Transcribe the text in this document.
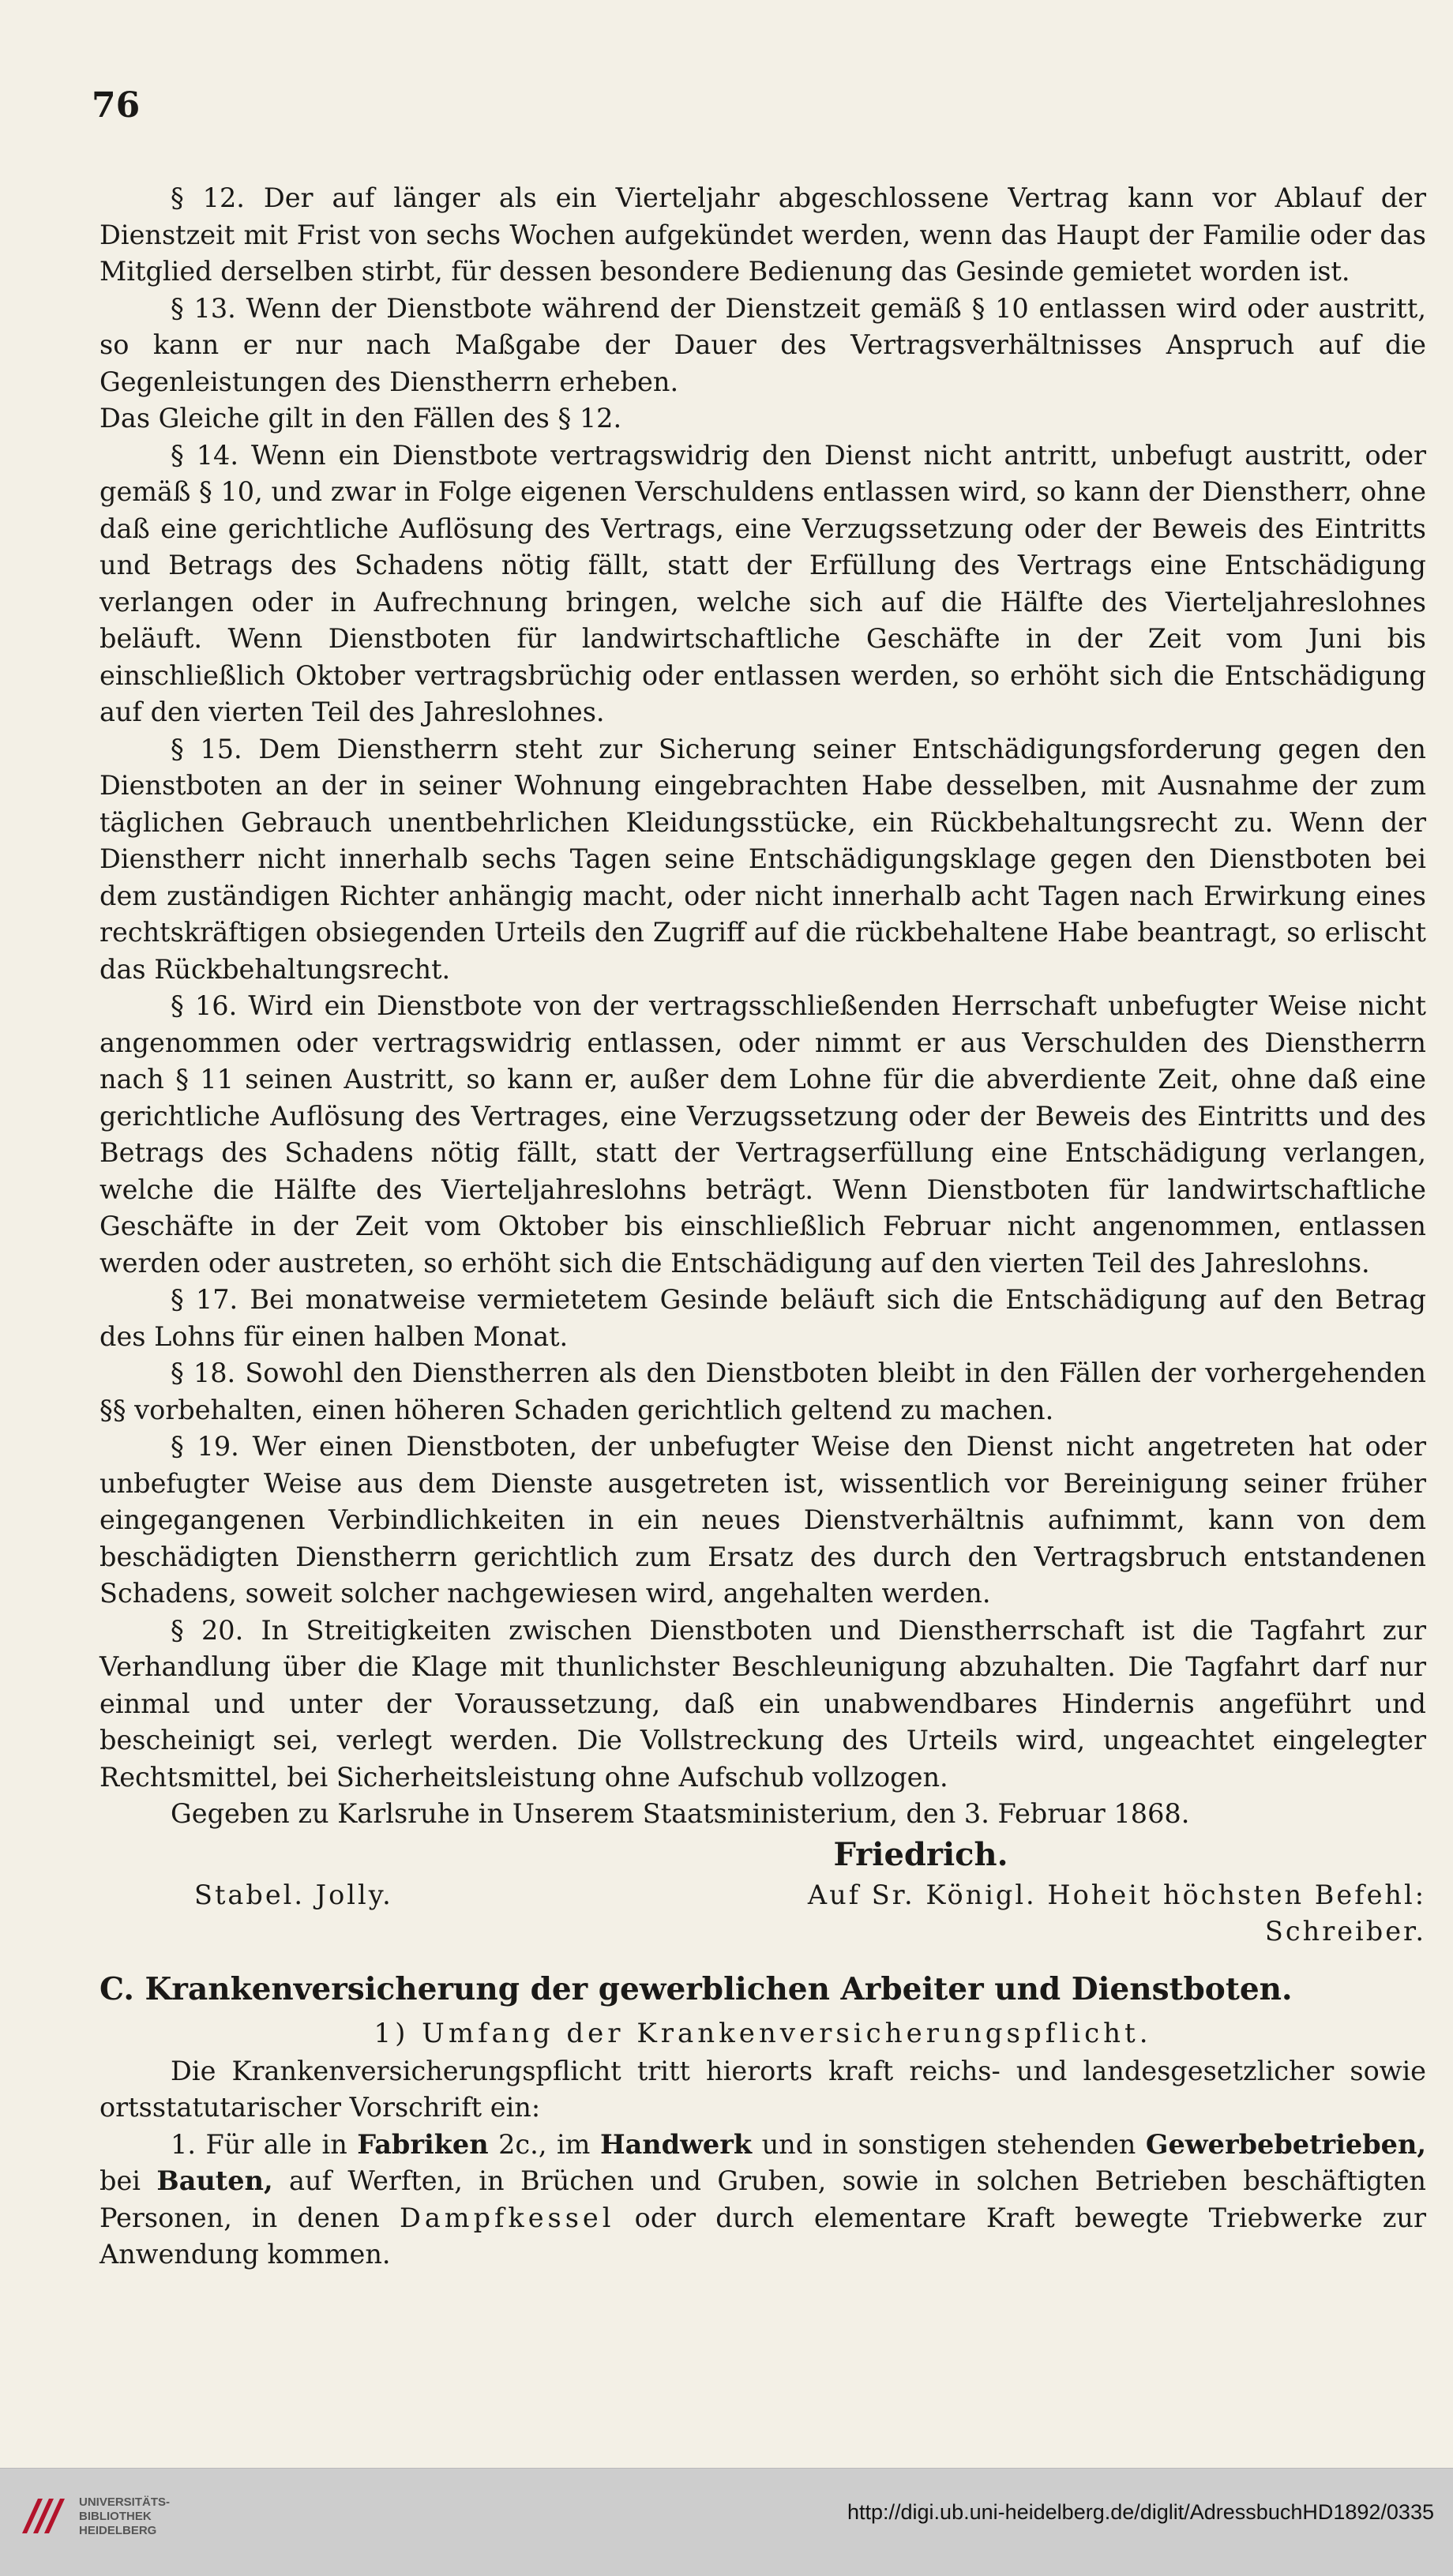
76

§ 12. Der auf länger als ein Vierteljahr abgeschlossene Vertrag kann vor Ablauf der Dienstzeit mit Frist von sechs Wochen aufgekündet werden, wenn das Haupt der Familie oder das Mitglied derselben stirbt, für dessen besondere Bedienung das Gesinde gemietet worden ist.

§ 13. Wenn der Dienstbote während der Dienstzeit gemäß § 10 entlassen wird oder austritt, so kann er nur nach Maßgabe der Dauer des Vertragsverhältnisses Anspruch auf die Gegenleistungen des Dienstherrn erheben.

Das Gleiche gilt in den Fällen des § 12.

§ 14. Wenn ein Dienstbote vertragswidrig den Dienst nicht antritt, unbefugt austritt, oder gemäß § 10, und zwar in Folge eigenen Verschuldens entlassen wird, so kann der Dienstherr, ohne daß eine gerichtliche Auflösung des Vertrags, eine Verzugssetzung oder der Beweis des Eintritts und Betrags des Schadens nötig fällt, statt der Erfüllung des Vertrags eine Entschädigung verlangen oder in Aufrechnung bringen, welche sich auf die Hälfte des Vierteljahreslohnes beläuft. Wenn Dienstboten für landwirtschaftliche Geschäfte in der Zeit vom Juni bis einschließlich Oktober vertragsbrüchig oder entlassen werden, so erhöht sich die Entschädigung auf den vierten Teil des Jahreslohnes.

§ 15. Dem Dienstherrn steht zur Sicherung seiner Entschädigungsforderung gegen den Dienstboten an der in seiner Wohnung eingebrachten Habe desselben, mit Ausnahme der zum täglichen Gebrauch unentbehrlichen Kleidungsstücke, ein Rückbehaltungsrecht zu. Wenn der Dienstherr nicht innerhalb sechs Tagen seine Entschädigungsklage gegen den Dienstboten bei dem zuständigen Richter anhängig macht, oder nicht innerhalb acht Tagen nach Erwirkung eines rechtskräftigen obsiegenden Urteils den Zugriff auf die rückbehaltene Habe beantragt, so erlischt das Rückbehaltungsrecht.

§ 16. Wird ein Dienstbote von der vertragsschließenden Herrschaft unbefugter Weise nicht angenommen oder vertragswidrig entlassen, oder nimmt er aus Verschulden des Dienstherrn nach § 11 seinen Austritt, so kann er, außer dem Lohne für die abverdiente Zeit, ohne daß eine gerichtliche Auflösung des Vertrages, eine Verzugssetzung oder der Beweis des Eintritts und des Betrags des Schadens nötig fällt, statt der Vertragserfüllung eine Entschädigung verlangen, welche die Hälfte des Vierteljahreslohns beträgt. Wenn Dienstboten für landwirtschaftliche Geschäfte in der Zeit vom Oktober bis einschließlich Februar nicht angenommen, entlassen werden oder austreten, so erhöht sich die Entschädigung auf den vierten Teil des Jahreslohns.

§ 17. Bei monatweise vermietetem Gesinde beläuft sich die Entschädigung auf den Betrag des Lohns für einen halben Monat.

§ 18. Sowohl den Dienstherren als den Dienstboten bleibt in den Fällen der vorhergehenden §§ vorbehalten, einen höheren Schaden gerichtlich geltend zu machen.

§ 19. Wer einen Dienstboten, der unbefugter Weise den Dienst nicht angetreten hat oder unbefugter Weise aus dem Dienste ausgetreten ist, wissentlich vor Bereinigung seiner früher eingegangenen Verbindlichkeiten in ein neues Dienstverhältnis aufnimmt, kann von dem beschädigten Dienstherrn gerichtlich zum Ersatz des durch den Vertragsbruch entstandenen Schadens, soweit solcher nachgewiesen wird, angehalten werden.

§ 20. In Streitigkeiten zwischen Dienstboten und Dienstherrschaft ist die Tagfahrt zur Verhandlung über die Klage mit thunlichster Beschleunigung abzuhalten. Die Tagfahrt darf nur einmal und unter der Voraussetzung, daß ein unabwendbares Hindernis angeführt und bescheinigt sei, verlegt werden. Die Vollstreckung des Urteils wird, ungeachtet eingelegter Rechtsmittel, bei Sicherheitsleistung ohne Aufschub vollzogen.

Gegeben zu Karlsruhe in Unserem Staatsministerium, den 3. Februar 1868.

Friedrich.
Stabel. Jolly.	Auf Sr. Königl. Hoheit höchsten Befehl:
Schreiber.
C. Krankenversicherung der gewerblichen Arbeiter und Dienstboten.
1) Umfang der Krankenversicherungspflicht.

Die Krankenversicherungspflicht tritt hierorts kraft reichs- und landesgesetzlicher sowie ortsstatutarischer Vorschrift ein:

1. Für alle in Fabriken 2c., im Handwerk und in sonstigen stehenden Gewerbebetrieben, bei Bauten, auf Werften, in Brüchen und Gruben, sowie in solchen Betrieben beschäftigten Personen, in denen Dampfkessel oder durch elementare Kraft bewegte Triebwerke zur Anwendung kommen.

UNIVERSITÄTS-
BIBLIOTHEK
HEIDELBERG
http://digi.ub.uni-heidelberg.de/diglit/AdressbuchHD1892/0335
